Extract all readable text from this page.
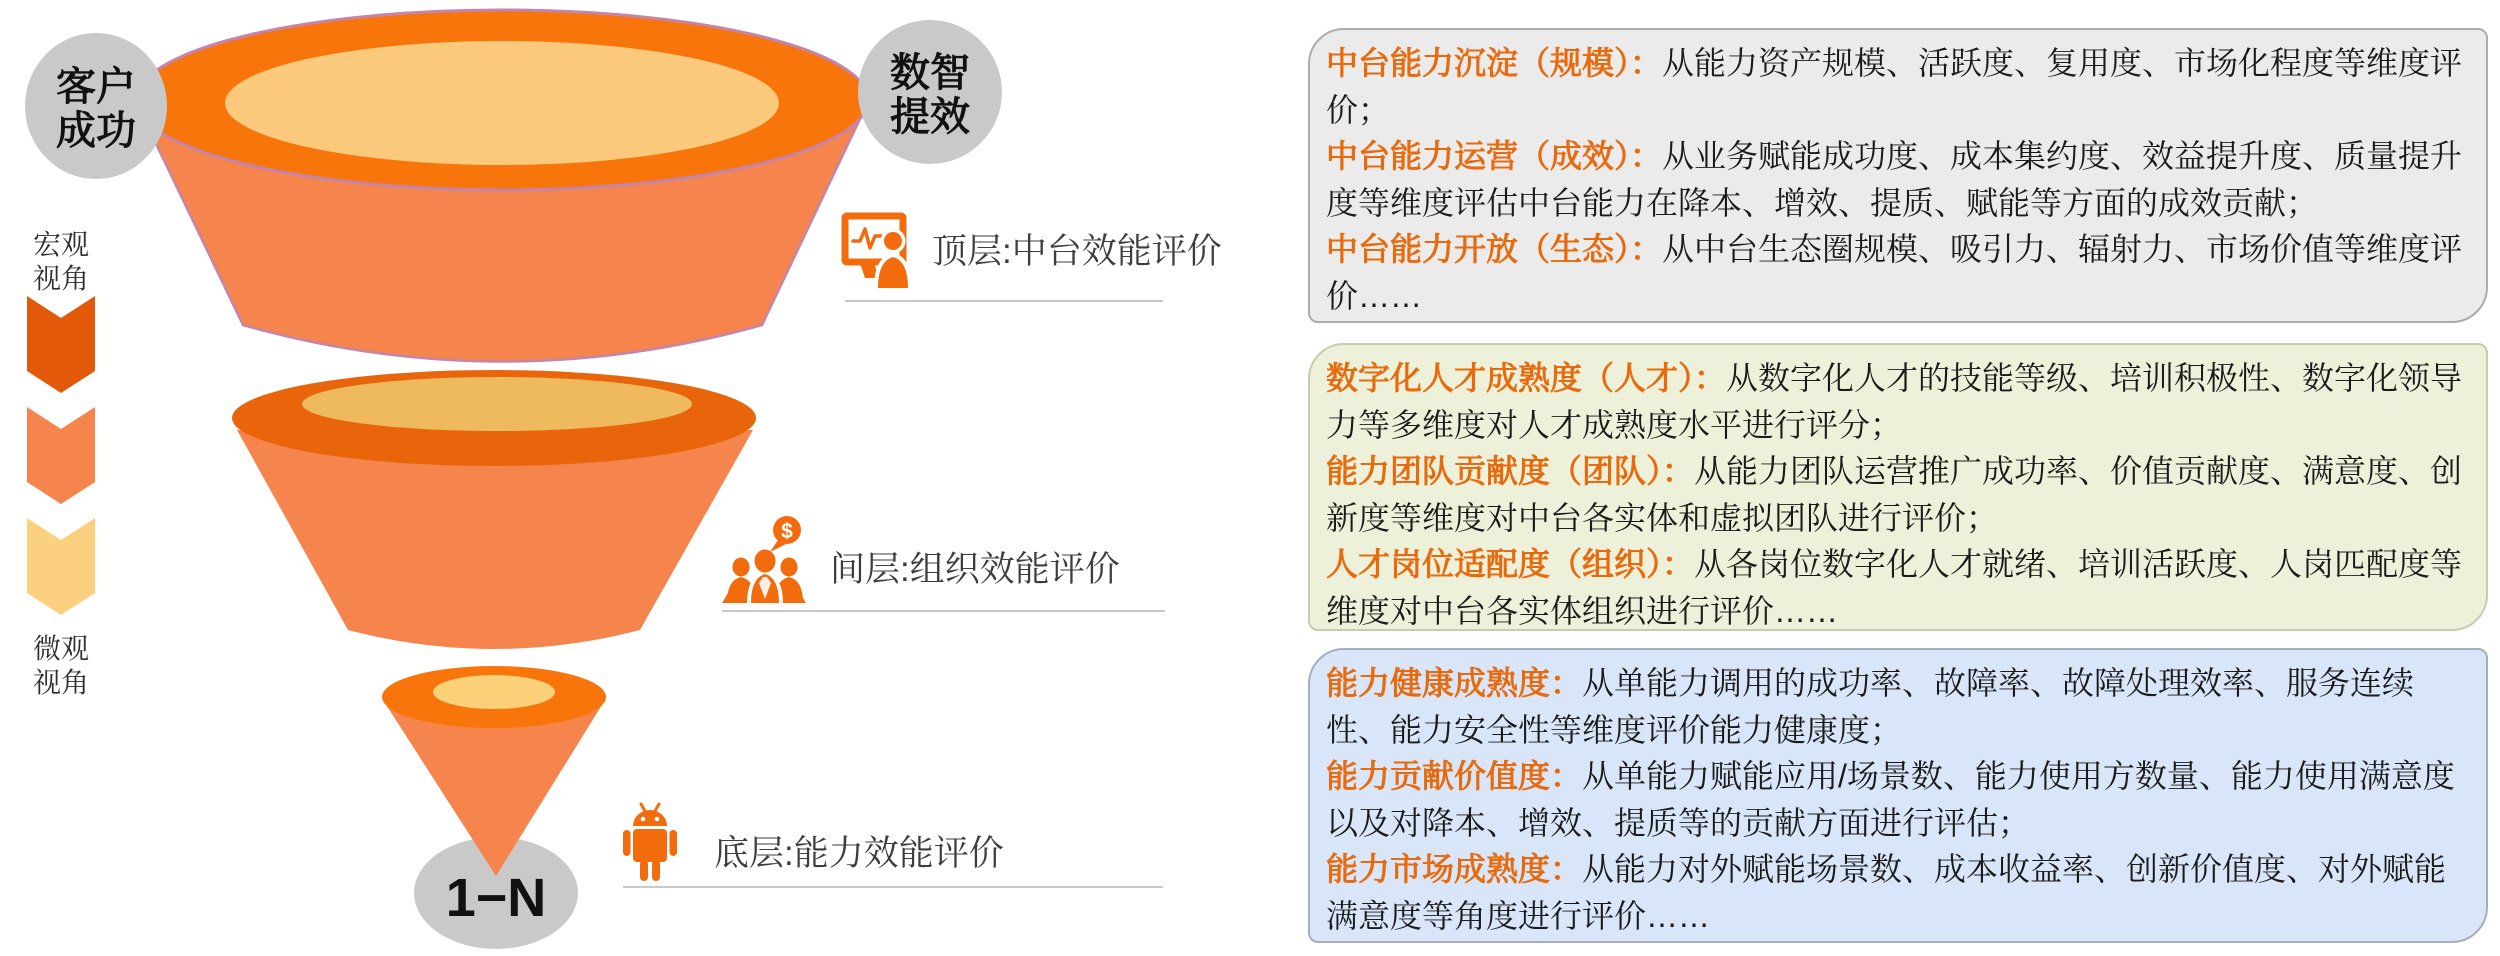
1−N
客户
成功
数智
提效
宏观
视角
微观
视角
顶层:中台效能评价
$
间层:组织效能评价
底层:能力效能评价

中台能力沉淀（规模）：从能力资产规模、活跃度、复用度、市场化程度等维度评价；

中台能力运营（成效）：从业务赋能成功度、成本集约度、效益提升度、质量提升度等维度评估中台能力在降本、增效、提质、赋能等方面的成效贡献；

中台能力开放（生态）：从中台生态圈规模、吸引力、辐射力、市场价值等维度评价……

数字化人才成熟度（人才）：从数字化人才的技能等级、培训积极性、数字化领导力等多维度对人才成熟度水平进行评分；

能力团队贡献度（团队）：从能力团队运营推广成功率、价值贡献度、满意度、创新度等维度对中台各实体和虚拟团队进行评价；

人才岗位适配度（组织）：从各岗位数字化人才就绪、培训活跃度、人岗匹配度等维度对中台各实体组织进行评价……

能力健康成熟度：从单能力调用的成功率、故障率、故障处理效率、服务连续性、能力安全性等维度评价能力健康度；

能力贡献价值度：从单能力赋能应用/场景数、能力使用方数量、能力使用满意度以及对降本、增效、提质等的贡献方面进行评估；

能力市场成熟度：从能力对外赋能场景数、成本收益率、创新价值度、对外赋能满意度等角度进行评价……
